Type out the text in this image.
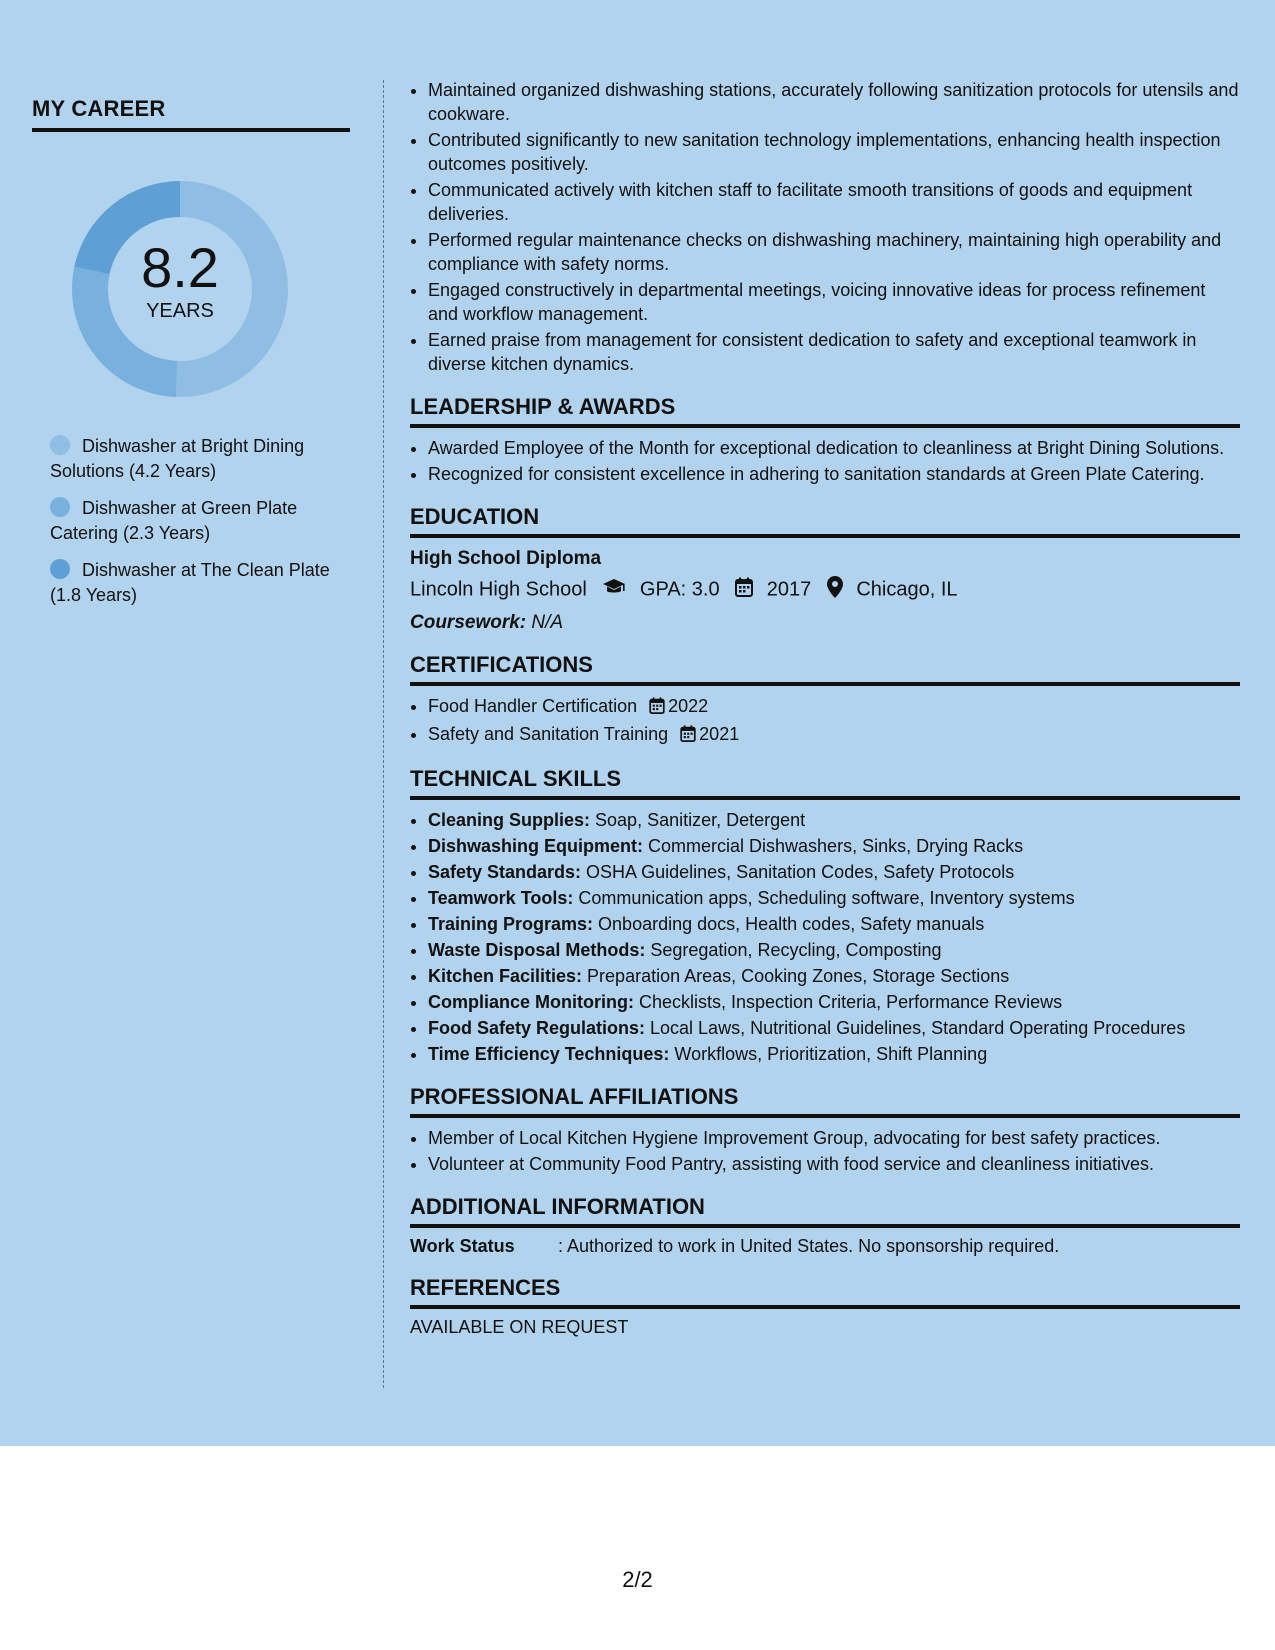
MY CAREER
8.2
YEARS
Dishwasher at Bright Dining Solutions (4.2 Years)
Dishwasher at Green Plate Catering (2.3 Years)
Dishwasher at The Clean Plate (1.8 Years)
• Maintained organized dishwashing stations, accurately following sanitization protocols for utensils and cookware.
• Contributed significantly to new sanitation technology implementations, enhancing health inspection outcomes positively.
• Communicated actively with kitchen staff to facilitate smooth transitions of goods and equipment deliveries.
• Performed regular maintenance checks on dishwashing machinery, maintaining high operability and compliance with safety norms.
• Engaged constructively in departmental meetings, voicing innovative ideas for process refinement and workflow management.
• Earned praise from management for consistent dedication to safety and exceptional teamwork in diverse kitchen dynamics.
LEADERSHIP & AWARDS
• Awarded Employee of the Month for exceptional dedication to cleanliness at Bright Dining Solutions.
• Recognized for consistent excellence in adhering to sanitation standards at Green Plate Catering.
EDUCATION
High School Diploma
Lincoln High School	GPA: 3.0 2017 Chicago, IL
Coursework: N/A
CERTIFICATIONS
• Food Handler Certification 2022
• Safety and Sanitation Training 2021
TECHNICAL SKILLS
• Cleaning Supplies: Soap, Sanitizer, Detergent
• Dishwashing Equipment: Commercial Dishwashers, Sinks, Drying Racks
• Safety Standards: OSHA Guidelines, Sanitation Codes, Safety Protocols
• Teamwork Tools: Communication apps, Scheduling software, Inventory systems
• Training Programs: Onboarding docs, Health codes, Safety manuals
• Waste Disposal Methods: Segregation, Recycling, Composting
• Kitchen Facilities: Preparation Areas, Cooking Zones, Storage Sections
• Compliance Monitoring: Checklists, Inspection Criteria, Performance Reviews
• Food Safety Regulations: Local Laws, Nutritional Guidelines, Standard Operating Procedures
• Time Efficiency Techniques: Workflows, Prioritization, Shift Planning
PROFESSIONAL AFFILIATIONS
• Member of Local Kitchen Hygiene Improvement Group, advocating for best safety practices.
• Volunteer at Community Food Pantry, assisting with food service and cleanliness initiatives.
ADDITIONAL INFORMATION
Work Status : Authorized to work in United States. No sponsorship required.
REFERENCES
AVAILABLE ON REQUEST
2/2
